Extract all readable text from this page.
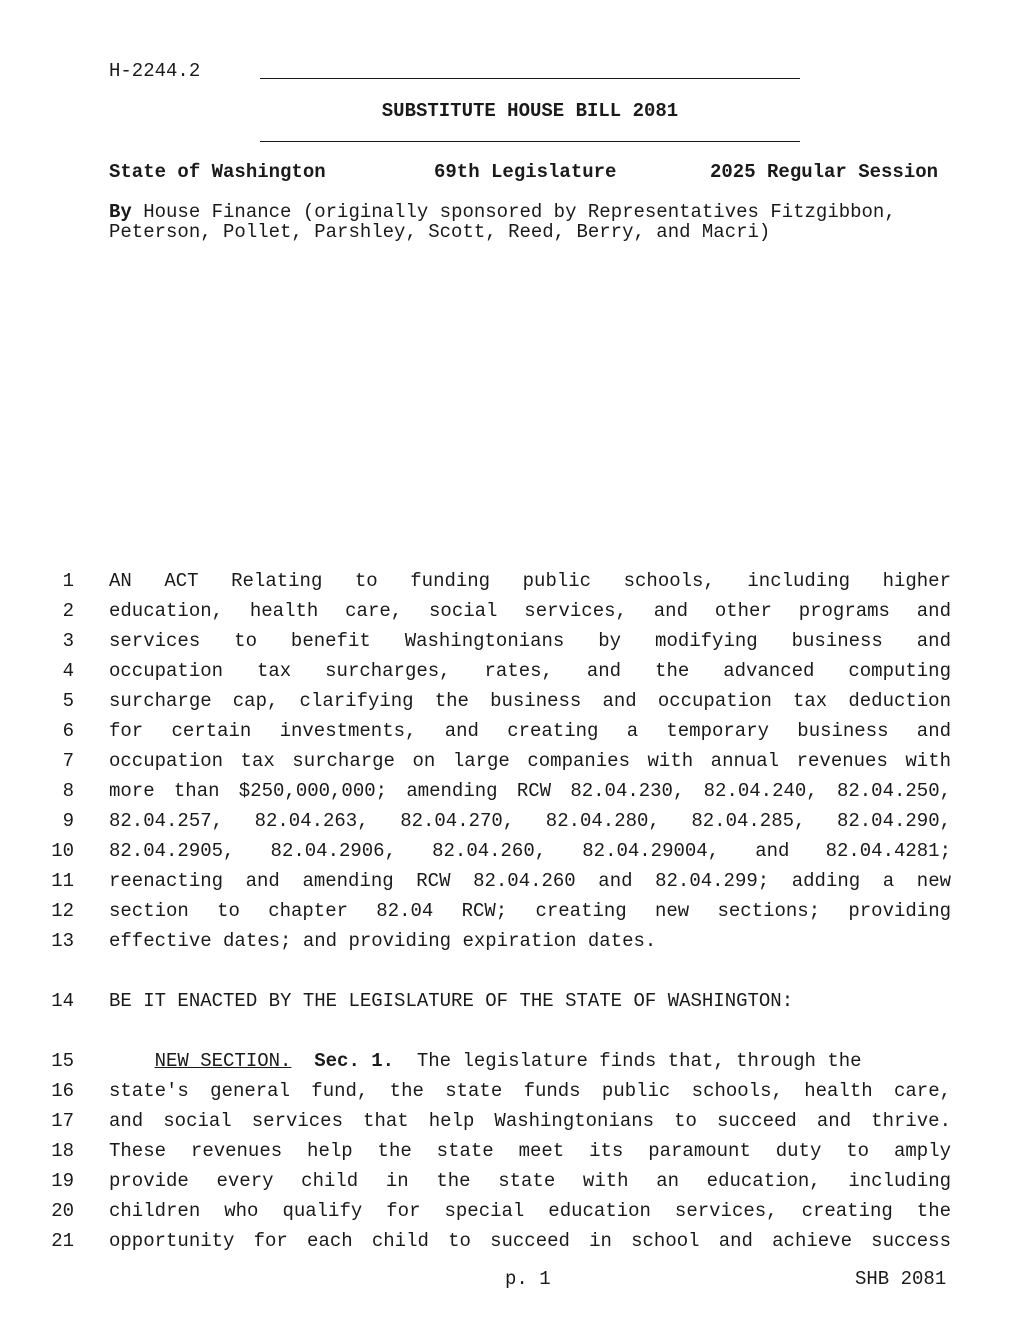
H-2244.2
SUBSTITUTE HOUSE BILL 2081
State of Washington	69th Legislature	2025 Regular Session
By House Finance (originally sponsored by Representatives Fitzgibbon,
Peterson, Pollet, Parshley, Scott, Reed, Berry, and Macri)
1 AN ACT Relating to funding public schools, including higher
2 education, health care, social services, and other programs and
3 services to benefit Washingtonians by modifying business and
4 occupation tax surcharges, rates, and the advanced computing
5 surcharge cap, clarifying the business and occupation tax deduction
6 for certain investments, and creating a temporary business and
7 occupation tax surcharge on large companies with annual revenues with
8 more than $250,000,000; amending RCW 82.04.230, 82.04.240, 82.04.250,
9 82.04.257, 82.04.263, 82.04.270, 82.04.280, 82.04.285, 82.04.290,
10 82.04.2905, 82.04.2906, 82.04.260, 82.04.29004, and 82.04.4281;
11 reenacting and amending RCW 82.04.260 and 82.04.299; adding a new
12 section to chapter 82.04 RCW; creating new sections; providing
13 effective dates; and providing expiration dates.
14 BE IT ENACTED BY THE LEGISLATURE OF THE STATE OF WASHINGTON:
15	NEW SECTION. Sec. 1.  The legislature finds that, through the
16 state's general fund, the state funds public schools, health care,
17 and social services that help Washingtonians to succeed and thrive.
18 These revenues help the state meet its paramount duty to amply
19 provide every child in the state with an education, including
20 children who qualify for special education services, creating the
21 opportunity for each child to succeed in school and achieve success
p. 1	SHB 2081
